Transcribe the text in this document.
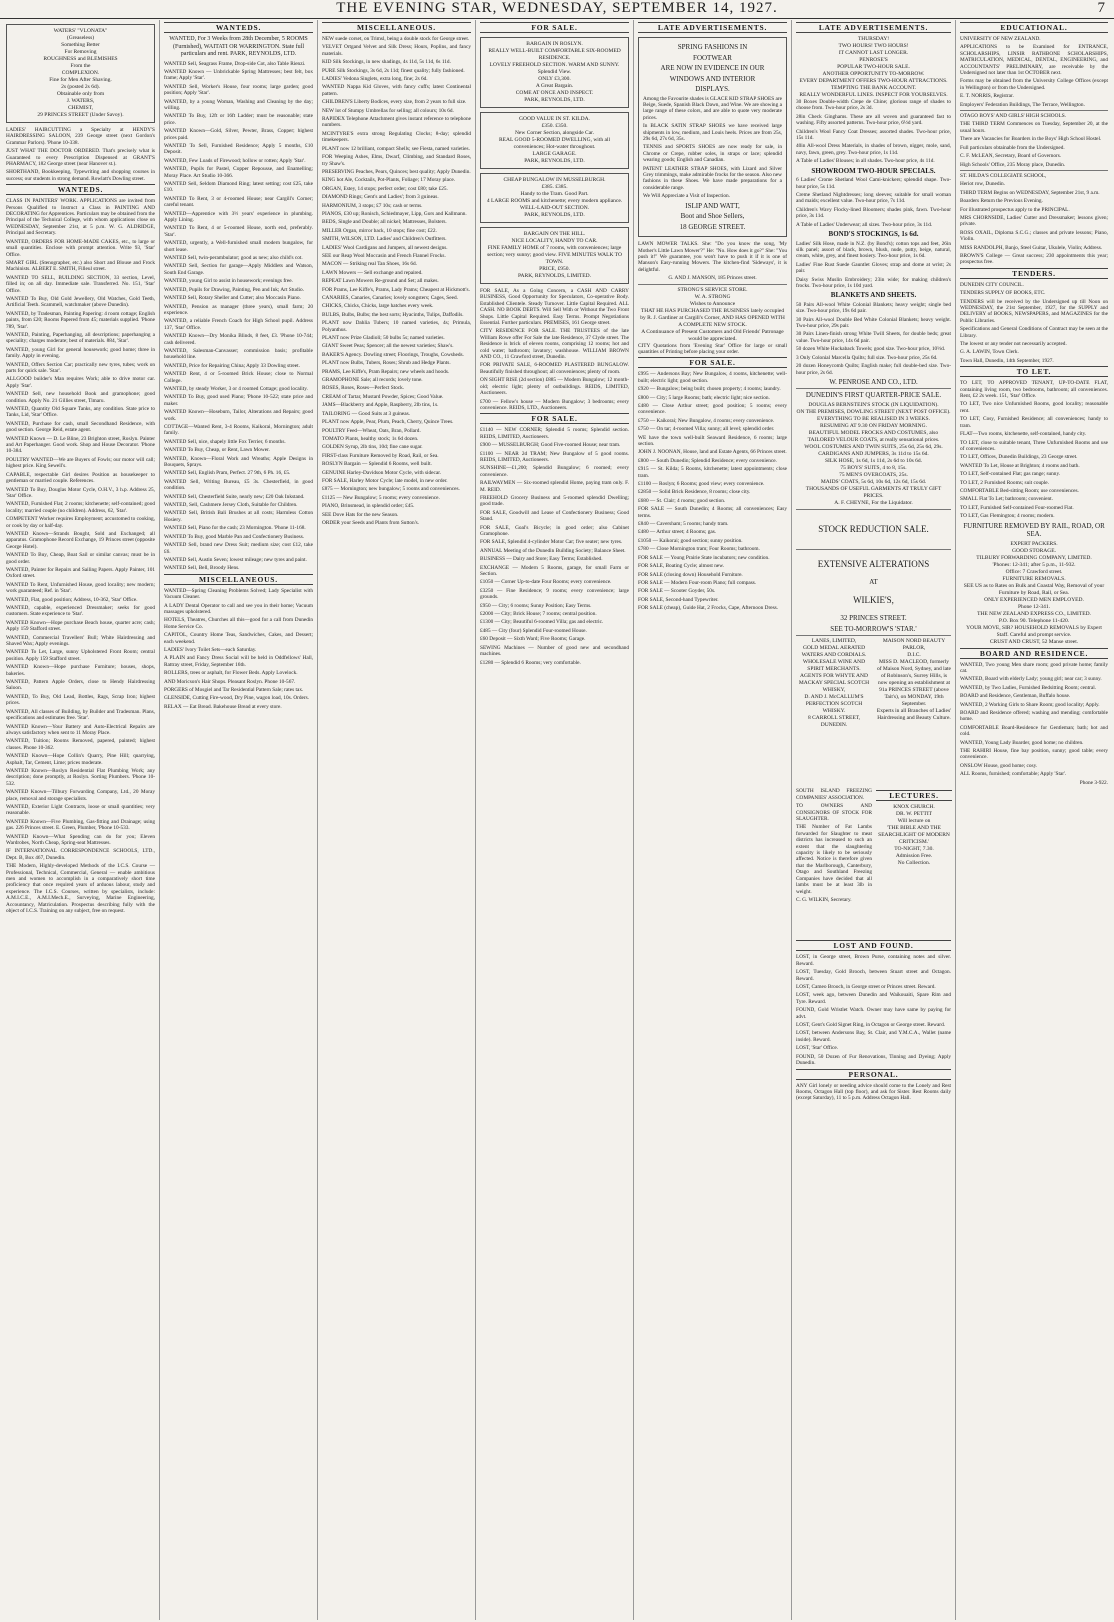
THE EVENING STAR, WEDNESDAY, SEPTEMBER 14, 1927.	7
WATERS' "VLONATA"
(Greaseless)
Something Better
For Removing
ROUGHNESS and BLEMISHES
From the
COMPLEXION.
Fine for Men After Shaving.
2s (posted 2s 6d).
Obtainable only from
J. WATERS,
CHEMIST,
29 PRINCES STREET (Under Savoy).
LADIES' HAIRCUTTING a Specialty at HENDY'S HAIRDRESSING SALOON, 239 George street (next Gordon's Grammar Parlors). 'Phone 10-338.
JUST WHAT THE DOCTOR ORDERED. That's precisely what is Guaranteed to every Prescription Dispensed at GRANT'S PHARMACY, 182 George street (near Hanover st.).
SHORTHAND, Bookkeeping, Typewriting and shopping courses in success; our students in strong demand. Rowlatt's Dowling street.
WANTEDS.
CLASS IN PAINTERS' WORK. APPLICATIONS are invited from Persons Qualified to Instruct a Class in PAINTING AND DECORATING for Apprentices. Particulars may be obtained from the Principal of the Technical College, with whom applications close on WEDNESDAY, September 21st, at 5 p.m. W. G. ALDRIDGE, Principal and Secretary.
WANTED, ORDERS FOR HOME-MADE CAKES, etc., to large or small quantities. Enclose with prompt attention. Write 93, 'Star' Office.
SMART GIRL (Stenographer, etc.) also Short and Blouse and Frock Machinists. ALBERT E. SMITH, Filleul street.
WANTED TO SELL, BUILDING SECTION, 33 section, Level, filled in; on all day. Immediate sale. Transferred. No. 151, 'Star' Office.
WANTED To Buy, Old Gold Jewellery, Old Watches, Gold Teeth, Artificial Teeth. Scammell, watchmaker (above Dunedin).
WANTED, by Tradesman, Painting Papering: 4 room cottage; English paints, from £20; Rooms Papered from 45; materials supplied. 'Phone 789, 'Star'.
WANTED, Painting, Paperhanging, all descriptions; paperhanging a speciality; charges moderate; best of materials. 884, 'Star'.
WANTED, young Girl for general housework; good home; three in family. Apply in evening.
WANTED, Offers Section Car; practically new tyres, tubes; work on parts for quick sale. 'Star'.
ALLGOOD builder's Man requires Work; able to drive motor car. Apply 'Star'.
WANTED Sell, new household Book and gramophone; good condition. Apply No. 21 Gillies street, Timaru.
WANTED, Quantity Old Square Tanks, any condition. State price to Tanks, Lid, 'Star' Office.
WANTED, Purchase for cash, small Secondhand Residence, with good section. George Reid, estate agent.
WANTED Known — D. Le Bline, 23 Brighton street, Roslyn. Painter and Art Paperhanger. Good work. Shop and House Decorator. 'Phone 10-384.
POULTRY WANTED—We are Buyers of Fowls; our motor will call; highest price. King Sewell's.
CAPABLE, respectable Girl desires Position as housekeeper to gentleman or married couple. References.
WANTED To Buy, Douglas Motor Cycle, O.H.V., 3 h.p. Address 25, 'Star' Office.
WANTED, Furnished Flat; 2 rooms; kitchenette; self-contained; good locality; married couple (no children). Address, 62, 'Star'.
COMPETENT Worker requires Employment; accustomed to cooking, or cook by day or half-day.
WANTED Known—Strands Bought, Sold and Exchanged; all apparatus. Gramophone Record Exchange, 19 Princes street (opposite George Hotel).
WANTED To Buy, Cheap, Boat Sail or similar canvas; must be in good order.
WANTED, Painter for Repairs and Sailing Papers. Apply Painter, 101 Oxford street.
WANTED To Rent, Unfurnished House, good locality; new modern; work guaranteed; Ref. in 'Star'.
WANTED, Flat, good position; Address, 10-362, 'Star' Office.
WANTED, capable, experienced Dressmaker; seeks for good customers. State experience to 'Star'.
WANTED Known—Hope purchase Beach house, quarter acre; cash; Apply 159 Stafford street.
WANTED, Commercial Travellers' Bull; White Hairdressing and Shaved Wax; Apply evenings.
WANTED To Let, Large, sunny Upholstered Front Room; central position. Apply 159 Stafford street.
WANTED Known—Hope purchase Furniture; houses, shops, bakeries.
WANTED, Pattern Apple Orders, close to Hendy Hairdressing Saloon.
WANTED, To Buy, Old Lead, Bottles, Rags, Scrap Iron; highest prices.
WANTED, All classes of Building, by Builder and Tradesman. Plans, specifications and estimates free. 'Star'.
WANTED Known—Your Battery and Auto-Electrical Repairs are always satisfactory when sent to 11 Moray Place.
WANTED, Tuition; Rooms Removed, papered, painted; highest classes. Phone 10-362.
WANTED Known—Hope Collin's Quarry, Pine Hill; quarrying, Asphalt, Tar, Cement, Lime; prices moderate.
WANTED Known—Roslyn Residential Flat Plumbing Work; any description; done promptly, at Roslyn. Sorting Plumbers. 'Phone 10-532.
WANTED Known—Tilbury Forwarding Company, Ltd., 20 Moray place, removal and storage specialists.
WANTED, Exterior Light Contracts, loose or small quantities; very reasonable.
WANTED Known—Five Plumbing, Gas-fitting and Drainage; using gas. 226 Princes street. E. Green, Plumber, 'Phone 10-533.
WANTED Known—What Spending can do for you; Eleven Wardrobes, North Cheap, Spring-seat Mattresses.
IF INTERNATIONAL CORRESPONDENCE SCHOOLS, LTD., Dept. B, Box 467, Dunedin.
THE Modern, Highly-developed Methods of the I.C.S. Course — Professional, Technical, Commercial, General — enable ambitious men and women to accomplish in a comparatively short time proficiency that once required years of arduous labour, study and experience. The I.C.S. Courses, written by specialists, include: A.M.I.C.E., A.M.I.Mech.E., Surveying, Marine Engineering, Accountancy, Matriculation. Prospectus describing fully with the object of I.C.S. Training on any subject, free on request.
WANTEDS.
WANTED, For 3 Weeks from 28th December, 5 ROOMS (Furnished), WAITATI OR WARRINGTON. State full particulars and rent. PARK, REYNOLDS, LTD.
WANTED Sell, Seagrass Frame, Drop-side Cot, also Table Rienzi.
WANTED Known — Unbrickable Spring Mattresses; best felt, box frame; Apply 'Star'.
WANTED Sell, Worker's House, four rooms; large garden; good position; Apply 'Star'.
WANTED, by a young Woman, Washing and Cleaning by the day; willing.
WANTED To Buy, 12ft or 16ft Ladder; must be reasonable; state price.
WANTED Known—Gold, Silver, Pewter, Brass, Copper; highest prices paid.
WANTED To Sell, Furnished Residence; Apply 5 months, £10 Deposit.
WANTED, Few Loads of Firewood; hollow or rotten; Apply 'Star'.
WANTED, Pupils for Pastel, Copper Repousse, and Enamelling; Moray Place. Art Studio 10-366.
WANTED Sell, Seldom Diamond Ring; latest setting; cost £25, take £10.
WANTED To Rent, 3 or 4-roomed House; near Cargill's Corner; careful tenant.
WANTED—Apprentice with 3½ years' experience in plumbing. Apply Lining.
WANTED To Rent, 4 or 5-roomed House, north end, preferably. 'Star'.
WANTED, urgently, a Well-furnished small modern bungalow, for short lease.
WANTED Sell, twin-perambulator; good as new; also child's cot.
WANTED Sell, Section for garage—Apply Middlets and Watson, South End Garage.
WANTED, young Girl to assist in housework; evenings free.
WANTED, Pupils for Drawing, Painting, Pen and Ink; Art Studio.
WANTED Sell, Rotary Sheller and Cutter; also Moccasin Piano.
WANTED, Pension as manager (three years), small farm; 20 experience.
WANTED, a reliable French Coach for High School pupil. Address 137, 'Star' Office.
WANTED Known—Dry Monika Blinds, 8 feet, £3. 'Phone 10-744; cash delivered.
WANTED, Salesman-Canvasser; commission basis; profitable household line.
WANTED, Price for Repairing China; Apply 33 Dowling street.
WANTED Rent, 4 or 5-roomed Brick House; close to Normal College.
WANTED, by steady Worker, 3 or 4 roomed Cottage; good locality.
WANTED To Buy, good used Piano; 'Phone 10-522; state price and maker.
WANTED Known—Hoseburn, Tailor, Alterations and Repairs; good work.
COTTAGE—Wanted Rent, 3-4 Rooms, Kaikorai, Mornington; adult family.
WANTED Sell, nice, shapely little Fox Terrier, 6 months.
WANTED To Buy, Cheap, or Rent, Lawn Mower.
WANTED, Known—Floral Work and Wreaths; Apple Designs in Bouquets, Sprays.
WANTED Sell, English Pram, Perfect. 27 9th, 6 Ph. 16, £5.
WANTED Sell, Writing Bureau, £5 3s. Chesterfield, in good condition.
WANTED Sell, Chesterfield Suite, nearly new; £20 Oak Inkstand.
WANTED, Sell, Cashmere Jersey Cloth, Suitable for Children.
WANTED Sell, British Bali Brushes at all costs; Harmless Cotton Hosiery.
WANTED Sell, Piano for the cash; 23 Mornington. 'Phone 11-168.
WANTED To Buy, good Marble Pan and Confectionery Business.
WANTED Sell, brand new Dress Suit; medium size; cost £12, take £6.
WANTED Sell, Austin Seven; lowest mileage; new tyres and paint.
WANTED Sell, Bell, Broody Hens.
MISCELLANEOUS.
WANTED—Spring Cleaning Problems Solved; Lady Specialist with Vacuum Cleaner.
A LADY Dental Operator to call and see you in their home; Vacuum massages upholstered.
HOTELS, Theatres, Churches all this—good for a call from Dunedin Home Service Co.
CAPITOL, Country Home Teas, Sandwiches, Cakes, and Dessert; each weekend.
LADIES' Ivory Toilet Sets—each Saturday.
A PLAIN and Fancy Dress Social will be held in Oddfellows' Hall, Rattray street, Friday, September 16th.
ROLLERS, trees or asphalt, for Flower Beds. Apply Lovelock.
AND Moricson's Hair Shops. Pleasant Roslyn. Phone 10-567.
PORGERS of Mosgiel and Tar Residential Pattern Sale; rates tax.
GLENSIDE, Cutting Fire-wood, Dry Pine, wagon load, 10s. Orders.
RELAX — Eat Bread. Bakehouse Bread at every store.
MISCELLANEOUS.
NEW suede corset, on Trimsl, being a double stock for George street.
VELVET Ortgand Velvet and Silk Dress; Hours, Poplins, and fancy materials.
KID Silk Stockings, in new shadings, 4s 11d, 5s 11d, 6s 11d.
PURE Silk Stockings, 3s 6d, 2s 11d; finest quality; fully fashioned.
LADIES' Vedona Singlets, extra long, fine; 2s 6d.
WANTED Nappa Kid Gloves, with fancy cuffs; latest Continental pattern.
CHILDREN'S Liberty Bodices, every size, from 2 years to full size.
NEW lot of Stumpy Umbrellas for selling; all colours; 10s 6d.
RAPIDEX Telephone Attachment gives instant reference to telephone numbers.
MCINTYRE'S extra strong Regulating Clocks; 8-day; splendid timekeepers.
PLANT now 12 brilliant, compact Shells; see Fiesta, named varieties.
FOR Weeping Ashes, Elms, Dwarf, Climbing, and Standard Roses, try Shaw's.
PRESERVING Peaches, Pears, Quinces; best quality; Apply Dunedin.
KING hot Ale, Cocktails, Pot-Plants, Foliage; 17 Moray place.
ORGAN, Estey, 14 stops; perfect order; cost £80; take £25.
DIAMOND Rings; Gent's and Ladies'; from 3 guineas.
HARMONIUM, 3 stops; £7 10s; cash or terms.
PIANOS, £30 up; Ronisch, Schiedmayer, Lipp, Gors and Kallmann.
BEDS, Single and Double; all nickel; Mattresses, Bolsters.
MILLER Organ, mirror back, 10 stops; fine cost; £22.
SMITH, WILSON, LTD. Ladies' and Children's Outfitters.
LADIES' Wool Cardigans and Jumpers, all newest designs.
SEE our Reap Wool Moccasin and French Flannel Frocks.
MACON — Striking real Tan Shoes, 16s 6d.
LAWN Mowers — Sell exchange and repaired.
REPEAT Lawn Mowers Re-ground and Set; all makes.
FOR Prams, Lee Kiffe's, Prams, Lady Prams; Cheapest at Hickmott's.
CANARIES, Canaries, Canaries; lovely songsters; Cages, Seed.
CHICKS, Chicks, Chicks, large hatches every week.
BULBS, Bulbs, Bulbs; the best sorts; Hyacinths, Tulips, Daffodils.
PLANT now Dahlia Tubers; 10 named varieties, 4s; Primula, Polyanthus.
PLANT now Prize Gladioli; 50 bulbs 5s; named varieties.
GIANT Sweet Peas; Spencer; all the newest varieties; Shaw's.
BAKER'S Agency. Dowling street; Floorings, Troughs, Cowsheds.
PLANT now Bulbs, Tubers, Roses; Shrub and Hedge Plants.
PRAMS, Lee Kiffe's, Pram Repairs; new wheels and hoods.
GRAMOPHONE Sale; all records; lovely tone.
ROSES, Roses, Roses—Perfect Stock.
CREAM of Tartar, Mustard Powder, Spices; Good Value.
JAMS—Blackberry and Apple, Raspberry, 2lb tins, 1s.
TAILORING — Good Suits at 3 guineas.
PLANT now Apple, Pear, Plum, Peach, Cherry, Quince Trees.
POULTRY Feed—Wheat, Oats, Bran, Pollard.
TOMATO Plants, healthy stock; 1s 6d dozen.
GOLDEN Syrup, 2lb tins, 10d; fine cane sugar.
FIRST-class Furniture Removed by Road, Rail, or Sea.
ROSLYN Bargain — Splendid 6 Rooms, well built.
GENUINE Harley-Davidson Motor Cycle, with sidecar.
FOR SALE, Harley Motor Cycle; late model, in new order.
£875 — Mornington; new bungalow; 5 rooms and conveniences.
£1125 — New Bungalow; 5 rooms; every convenience.
PIANO, Brinsmead, in splendid order; £45.
SEE Dove Hats for the new Season.
ORDER your Seeds and Plants from Sutton's.
FOR SALE.
BARGAIN IN ROSLYN.
REALLY WELL-BUILT COMFORTABLE SIX-ROOMED RESIDENCE.
LOVELY FREEHOLD SECTION. WARM AND SUNNY.
Splendid View.
ONLY £3,300.
A Great Bargain.
COME AT ONCE AND INSPECT.
PARK, REYNOLDS, LTD.
GOOD VALUE IN ST. KILDA.
£350. £350.
New Corner Section, alongside Car.
REAL GOOD 5-ROOMED DWELLING, with all conveniences; Hot-water throughout.
LARGE GARAGE.
PARK, REYNOLDS, LTD.
CHEAP BUNGALOW IN MUSSELBURGH.
£385. £385.
Handy to the Tram. Good Part.
4 LARGE ROOMS and kitchenette; every modern appliance.
WELL-LAID-OUT SECTION.
PARK, REYNOLDS, LTD.
BARGAIN ON THE HILL.
NICE LOCALITY, HANDY TO CAR.
FINE FAMILY HOME of 7 rooms, with conveniences; large section; very sunny; good view. FIVE MINUTES WALK TO TOWN.
PRICE, £950.
PARK, REYNOLDS, LIMITED.
FOR SALE, As a Going Concern, a CASH AND CARRY BUSINESS, Good Opportunity for Speculators, Co-operative Body. Established Clientele. Steady Turnover. Little Capital Required. ALL CASH. NO BOOK DEBTS. Will Sell With or Without the Two Front Shops. Little Capital Required. Easy Terms. Prompt Negotiations Essential. Further particulars. PREMISES, 161 George street.
CITY RESIDENCE FOR SALE. THE TRUSTEES of the late William Rowe offer For Sale the late Residence, 37 Clyde street. The Residence is brick of eleven rooms, comprising 12 rooms; hot and cold water; bathroom; lavatory; washhouse. WILLIAM BROWN AND CO., 11 Crawford street, Dunedin.
FOR PRIVATE SALE, 6-ROOMED PLASTERED BUNGALOW. Beautifully finished throughout; all conveniences; plenty of room.
ON SIGHT RISE (2d section) £885 — Modern Bungalow; 12 month-old; electric light; plenty of outbuildings. REIDS, LIMITED, Auctioneers.
£700 — Fellow's house — Modern Bungalow; 3 bedrooms; every convenience. REIDS, LTD., Auctioneers.
FOR SALE.
£1140 — NEW CORNER; Splendid 5 rooms; Splendid section. REIDS, LIMITED, Auctioneers.
£900 — MUSSELBURGH; Good Five-roomed House; near tram.
£1100 — NEAR 2d TRAM; New Bungalow of 5 good rooms. REIDS, LIMITED, Auctioneers.
SUNSHINE—£1,200; Splendid Bungalow; 6 roomed; every convenience.
RAILWAYMEN — Six-roomed splendid Home, paying tram only. F. M. REID.
FREEHOLD Grocery Business and 5-roomed splendid Dwelling; good trade.
FOR SALE, Goodwill and Lease of Confectionery Business; Good Stand.
FOR SALE, Goal's Bicycle; in good order; also Cabinet Gramophone.
FOR SALE, Splendid 4-cylinder Motor Car; five seater; new tyres.
ANNUAL Meeting of the Dunedin Building Society; Balance Sheet.
BUSINESS — Dairy and Store; Easy Terms; Established.
EXCHANGE — Modern 5 Rooms, garage, for small Farm or Section.
£1050 — Corner Up-to-date Four Rooms; every convenience.
£3250 — Fine Residence; 9 rooms; every convenience; large grounds.
£950 — City; 6 rooms; Sunny Position; Easy Terms.
£2000 — City; Brick House; 7 rooms; central position.
£1300 — City; Beautiful 6-roomed Villa; gas and electric.
£485 — City (four) Splendid Four-roomed House.
£60 Deposit — Sixth Ward; Five Rooms; Garage.
SEWING Machines — Number of good new and secondhand machines.
£1280 — Splendid 6 Rooms; very comfortable.
LATE ADVERTISEMENTS.
SPRING FASHIONS IN
FOOTWEAR
ARE NOW IN EVIDENCE IN OUR
WINDOWS AND INTERIOR
DISPLAYS.
Among the Favourite shades is GLACE KID STRAP SHOES are Beige, Suede, Spanish Black Dawn, and Wine. We are showing a large range of these colors, and are able to quote very moderate prices.
In BLACK SATIN STRAP SHOES we have received large shipments in low, medium, and Louis heels. Prices are from 25s, 29s 6d, 27s 6d, 35s.
TENNIS and SPORTS SHOES are now ready for sale, in Chrome or Crepe, rubber soles, in straps or lace; splendid wearing goods; English and Canadian.
PATENT LEATHER STRAP SHOES, with Lizard and Silver Grey trimmings, make admirable frocks for the season. Also new fashions in these Shoes. We have made preparations for a considerable range.
We Will Appreciate a Visit of Inspection.
ISLIP AND WATT,
Boot and Shoe Sellers,
18 GEORGE STREET.
LAWN MOWER TALKS. She: "Do you know the song, 'My Mother's Little Lawn Mower'?" He: "No. How does it go?" She: "You push it!" We guarantee, you won't have to push it if it is one of Manson's Easy-running Mowers. The kitchen-find 'Sideways', it is delightful.
G. AND J. MANSON, 185 Princes street.
STRONG'S SERVICE STORE.
W. A. STRONG
Wishes to Announce
THAT HE HAS PURCHASED THE BUSINESS lately occupied by R. J. Gardiner at Cargill's Corner, AND HAS OPENED WITH A COMPLETE NEW STOCK.
A Continuance of Present Customers and Old Friends' Patronage would be appreciated.
CITY Quotations from 'Evening Star' Office for large or small quantities of Printing before placing your order.
FOR SALE.
£995 — Andersons Bay; New Bungalow, 4 rooms, kitchenette; well-built; electric light; good section.
£920 — Bungalow; being built; chosen property; 4 rooms; laundry.
£800 — City; 5 large Rooms; bath; electric light; nice section.
£480 — Close Arthur street; good position; 5 rooms; every convenience.
£750 — Kaikorai; New Bungalow, 4 rooms; every convenience.
£750 — On tar; 4-roomed Villa; sunny; all level; splendid order.
WE have the town well-built Seaward Residence, 6 rooms; large section.
JOHN J. NOONAN, House, land and Estate Agents, 66 Princes street.
£800 — South Dunedin; Splendid Residence; every convenience.
£915 — St. Kilda; 5 Rooms, kitchenette; latest appointments; close tram.
£1100 — Roslyn; 6 Rooms; good view; every convenience.
£2850 — Solid Brick Residence, 8 rooms; close city.
£680 — St. Clair; 4 rooms; good section.
FOR SALE — South Dunedin; 4 Rooms; all conveniences; Easy terms.
£840 — Caversham; 5 rooms; handy tram.
£480 — Arthur street; 4 Rooms; gas.
£1050 — Kaikorai; good section; sunny position.
£780 — Close Mornington tram; Four Rooms; bathroom.
FOR SALE — Young Prairie State incubators; new condition.
FOR SALE, Boating Cycle; almost new.
FOR SALE (closing down) Household Furniture.
FOR SALE — Modern Four-room Piano; full compass.
FOR SALE — Scooter Goyder, 50s.
FOR SALE, Second-hand Typewriter.
FOR SALE (cheap), Guide Hat, 2 Frocks, Cape, Afternoon Dress.
LATE ADVERTISEMENTS.
THURSDAY!
TWO HOURS! TWO HOURS!
IT CANNOT LAST LONGER.
PENROSE'S
POPULAR TWO-HOUR SALE.
ANOTHER OPPORTUNITY TO-MORROW.
EVERY DEPARTMENT OFFERS TWO-HOUR ATTRACTIONS.
TEMPTING THE BANK ACCOUNT.
REALLY WONDERFUL LINES. INSPECT FOR YOURSELVES.
30 Boxes Double-width Crepe de Chine; glorious range of shades to choose from. Two-hour price, 2s 3d.
28in Check Ginghams. These are all woven and guaranteed fast to washing. Fifty assorted patterns. Two-hour price, 6½d yard.
Children's Wool Fancy Coat Dresses; assorted shades. Two-hour price, 15s 11d.
40in All-wool Dress Materials, in shades of brown, nigger, mole, sand, navy, fawn, green, grey. Two-hour price, 1s 11d.
A Table of Ladies' Blouses; in all shades. Two-hour price, 4s 11d.
SHOWROOM TWO-HOUR SPECIALS.
6 Ladies' Crome Shetland Wool Cami-knickers; splendid shape. Two-hour price, 5s 11d.
Creme Shetland Nightdresses; long sleeves; suitable for small woman and maids; excellent value. Two-hour price, 7s 11d.
Children's Wavy Flocky-lined Bloomers; shades pink, fawn. Two-hour price, 3s 11d.
A Table of Ladies' Underwear; all sizes. Two-hour price, 3s 11d.
BOND'S STOCKINGS, 1s 6d.
Ladies' Silk Hose, made in N.Z. (by Bond's); cotton tops and feet, 26in silk panel; assort of black, brown, blush, nude, putty, beige, natural, cream, white, grey, and finest hosiery. Two-hour price, 1s 6d.
Ladies' Fine Rust Suede Gauntlet Gloves; strap and dome at wrist; 2s pair.
Daisy Swiss Muslin Embroidery; 23in wide; for making children's frocks. Two-hour price, 1s 10d yard.
BLANKETS AND SHEETS.
50 Pairs All-wool White Colonial Blankets; heavy weight; single bed size. Two-hour price, 19s 6d pair.
30 Pairs All-wool Double Bed White Colonial Blankets; heavy weight. Two-hour price, 29s pair.
30 Pairs Linen-finish strong White Twill Sheets, for double beds; great value. Two-hour price, 14s 6d pair.
50 dozen White Huckaback Towels; good size. Two-hour price, 10½d.
3 Only Colonial Marcella Quilts; full size. Two-hour price, 25s 6d.
20 dozen Honeycomb Quilts; English make; full double-bed size. Two-hour price, 2s 6d.
W. PENROSE AND CO., LTD.
DUNEDIN'S FIRST QUARTER-PRICE SALE.
DOUGLAS BERNSTEIN'S STOCK (IN LIQUIDATION).
ON THE PREMISES, DOWLING STREET (NEXT POST OFFICE).
EVERYTHING TO BE REALISED IN 3 WEEKS.
RESUMING AT 9.30 ON FRIDAY MORNING.
BEAUTIFUL MODEL FROCKS AND COSTUMES, also TAILORED VELOUR COATS, at really sensational prices.
WOOL COSTUMES AND TWIN SUITS, 25s 6d, 25s 6d, 29s.
CARDIGANS AND JUMPERS, 3s 11d to 15s 6d.
SILK HOSE, 1s 6d, 1s 11d, 2s 6d to 10s 6d.
75 BOYS' SUITS, 4 to 8, 15s.
75 MEN'S OVERCOATS, 25s.
MAIDS' COATS, 5s 6d, 10s 6d, 12s 6d, 15s 6d.
THOUSANDS OF USEFUL GARMENTS AT TRULY GIFT PRICES.
A. F. CHEYNE, For the Liquidator.
STOCK REDUCTION SALE.
EXTENSIVE ALTERATIONS
AT
WILKIE'S,
32 PRINCES STREET.
SEE TO-MORROW'S 'STAR.'
LANES, LIMITED,
GOLD MEDAL AERATED WATERS AND CORDIALS.
WHOLESALE WINE AND SPIRIT MERCHANTS.
AGENTS FOR WHYTE AND MACKAY SPECIAL SCOTCH WHISKY,
D. AND J. McCALLUM'S PERFECTION SCOTCH WHISKY.
8 CARROLL STREET, DUNEDIN.
MAISON NORD BEAUTY PARLOR,
D.I.C.
MISS D. MACLEOD, formerly of Maison Nord, Sydney, and late of Robinson's, Surrey Hills, is now opening an establishment at 91a PRINCES STREET (above Tait's), on MONDAY, 19th September.
Experts in all Branches of Ladies' Hairdressing and Beauty Culture.
SOUTH ISLAND FREEZING COMPANIES' ASSOCIATION.
TO OWNERS AND CONSIGNORS OF STOCK FOR SLAUGHTER.
THE Number of Fat Lambs forwarded for Slaughter to meat districts has increased to such an extent that the slaughtering capacity is likely to be seriously affected. Notice is therefore given that the Marlborough, Canterbury, Otago and Southland Freezing Companies have decided that all lambs must be at least 3lb in weight.
C. G. WILKIN, Secretary.
LECTURES.
KNOX CHURCH.
DR. W. PETTIT
Will lecture on
'THE BIBLE AND THE SEARCHLIGHT OF MODERN CRITICISM.'
TO-NIGHT, 7.30.
Admission Free.
No Collection.
LOST AND FOUND.
LOST, in George street, Brown Purse, containing notes and silver. Reward.
LOST, Tuesday, Gold Brooch, between Stuart street and Octagon. Reward.
LOST, Cameo Brooch, in George street or Princes street. Reward.
LOST, week ago, between Dunedin and Waikouaiti, Spare Rim and Tyre. Reward.
FOUND, Gold Wristlet Watch. Owner may have same by paying for advt.
LOST, Gent's Gold Signet Ring, in Octagon or George street. Reward.
LOST, between Andersons Bay, St. Clair, and Y.M.C.A., Wallet (name inside). Reward.
LOST, 'Star' Office.
FOUND, 50 Dozen of Fur Renovations, Tinning and Dyeing; Apply Dunedin.
PERSONAL.
ANY Girl lonely or needing advice should come to the Lonely and Rest Rooms, Octagon Hall (top floor), and ask for Sister. Rest Rooms daily (except Saturday), 11 to 5 p.m. Address Octagon Hall.
EDUCATIONAL.
UNIVERSITY OF NEW ZEALAND.
APPLICATIONS to be Examined for ENTRANCE, SCHOLARSHIPS, LINSIR RATHBONE SCHOLARSHIPS, MATRICULATION, MEDICAL, DENTAL, ENGINEERING, and ACCOUNTANTS' PRELIMINARY, are receivable by the Undersigned not later than 1st OCTOBER next.
Forms may be obtained from the University College Offices (except in Wellington) or from the Undersigned.
E. T. NORRIS, Registrar.
Employers' Federation Buildings, The Terrace, Wellington.
OTAGO BOYS' AND GIRLS' HIGH SCHOOLS.
THE THIRD TERM Commences on Tuesday, September 20, at the usual hours.
There are Vacancies for Boarders in the Boys' High School Hostel.
Full particulars obtainable from the Undersigned.
C. F. McLEAN, Secretary, Board of Governors.
High Schools' Office, 235 Moray place, Dunedin.
ST. HILDA'S COLLEGIATE SCHOOL,
Heriot row, Dunedin.
THIRD TERM Begins on WEDNESDAY, September 21st, 9 a.m.
Boarders Return the Previous Evening.
For illustrated prospectus apply to the PRINCIPAL.
MRS CHORNSIDE, Ladies' Cutter and Dressmaker; lessons given; private.
ROSS OXAIL, Diploma S.C.G.; classes and private lessons; Piano, Violin.
MISS RANDOLPH, Banjo, Steel Guitar, Ukulele, Violin; Address.
BROWN'S College — Great success; 230 appointments this year; prospectus free.
TENDERS.
DUNEDIN CITY COUNCIL.
TENDERS SUPPLY OF BOOKS, ETC.
TENDERS will be received by the Undersigned up till Noon on WEDNESDAY, the 21st September, 1927, for the SUPPLY and DELIVERY of BOOKS, NEWSPAPERS, and MAGAZINES for the Public Libraries.
Specifications and General Conditions of Contract may be seen at the Library.
The lowest or any tender not necessarily accepted.
G. A. LAWIN, Town Clerk.
Town Hall, Dunedin, 14th September, 1927.
TO LET.
TO LET, TO APPROVED TENANT, UP-TO-DATE FLAT, containing living room, two bedrooms, bathroom; all conveniences. Rent, £2 2s week. 151, 'Star' Office.
TO LET, Two nice Unfurnished Rooms, good locality; reasonable rent.
TO LET, Cosy, Furnished Residence; all conveniences; handy to tram.
FLAT—Two rooms, kitchenette, self-contained, handy city.
TO LET, close to suitable tenant, Three Unfurnished Rooms and use of conveniences.
TO LET, Offices, Dunedin Buildings, 23 George street.
WANTED To Let, House at Brighton; 4 rooms and bath.
TO LET, Self-contained Flat; gas range; sunny.
TO LET, 2 Furnished Rooms; suit couple.
COMFORTABLE Bed-sitting Room; use conveniences.
SMALL Flat To Let; bathroom; convenient.
TO LET, Furnished Self-contained Four-roomed Flat.
TO LET, Gas Flemington; 4 rooms; modern.
FURNITURE REMOVED BY RAIL, ROAD, OR SEA.
EXPERT PACKERS.
GOOD STORAGE.
TILBURY FORWARDING COMPANY, LIMITED.
'Phones: 12-341; after 5 p.m., 11-932.
Office: 7 Crawford street.
FURNITURE REMOVALS.
SEE US as to Rates on Bulk and Coastal Way, Removal of your Furniture by Road, Rail, or Sea.
ONLY EXPERIENCED MEN EMPLOYED.
Phone 12-341.
THE NEW ZEALAND EXPRESS CO., LIMITED.
P.O. Box 90. Telephone 11-420.
YOUR MOVE, SIR? HOUSEHOLD REMOVALS by Expert Staff. Careful and prompt service.
CRUST AND CRUST, 52 Manse street.
BOARD AND RESIDENCE.
WANTED, Two young Men share room; good private home; family cat.
WANTED, Board with elderly Lady; young girl; near car; 3 sunny.
WANTED, by Two Ladies, Furnished Bedsitting Room; central.
BOARD and Residence, Gentleman, Buffalo house.
WANTED, 2 Working Girls to Share Room; good locality; Apply.
BOARD and Residence offered; washing and mending; comfortable home.
COMFORTABLE Board-Residence for Gentleman; bath; hot and cold.
WANTED, Young Lady Boarder, good home; no children.
THE RAHIRI House, fine bay position, sunny; good table; every convenience.
ONSLOW House, good home; cosy.
ALL Rooms, furnished; comfortable; Apply 'Star'.
Phone 3-922.
